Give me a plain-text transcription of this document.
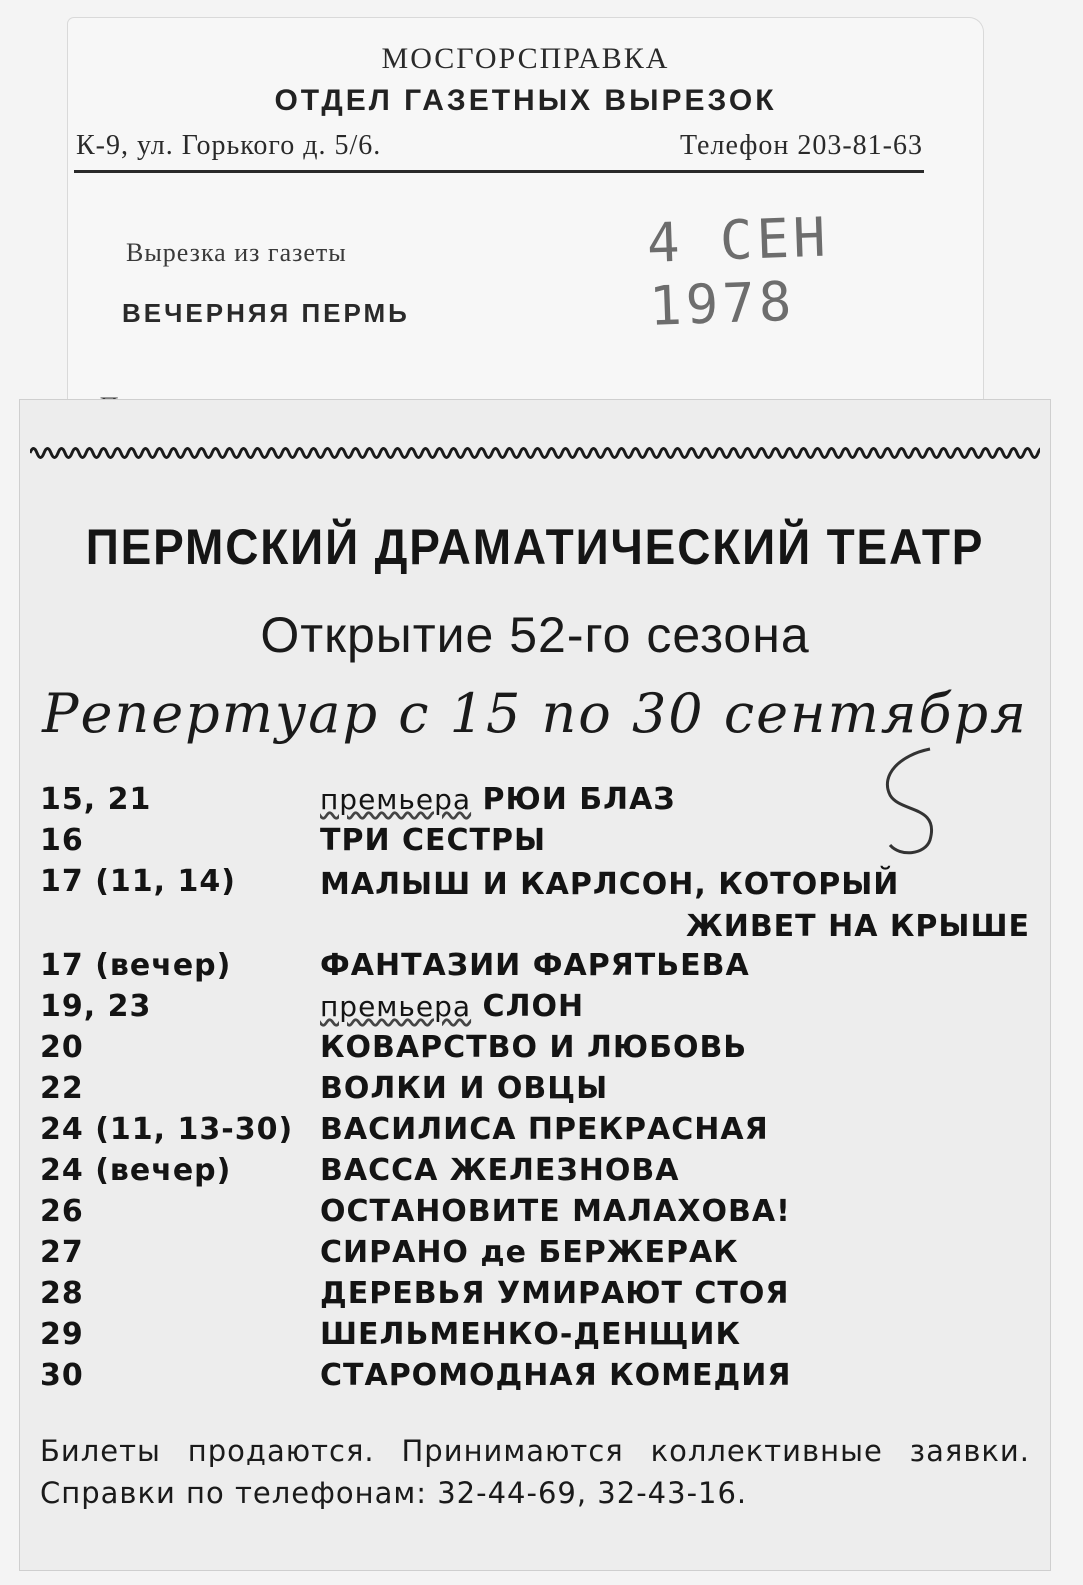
МОСГОРСПРАВКА
ОТДЕЛ ГАЗЕТНЫХ ВЫРЕЗОК
К-9, ул. Горького д. 5/6.	Телефон 203-81-63
Вырезка из газеты
ВЕЧЕРНЯЯ ПЕРМЬ
4 СЕН 1978
ПЕРМСКИЙ ДРАМАТИЧЕСКИЙ ТЕАТР
Открытие 52-го сезона
Репертуар с 15 по 30 сентября
15, 21	премьера РЮИ БЛАЗ
16	ТРИ СЕСТРЫ
17 (11, 14)	МАЛЫШ И КАРЛСОН, КОТОРЫЙ
ЖИВЕТ НА КРЫШЕ
17 (вечер)	ФАНТАЗИИ ФАРЯТЬЕВА
19, 23	премьера СЛОН
20	КОВАРСТВО И ЛЮБОВЬ
22	ВОЛКИ И ОВЦЫ
24 (11, 13-30) ВАСИЛИСА ПРЕКРАСНАЯ
24 (вечер)	ВАССА ЖЕЛЕЗНОВА
26	ОСТАНОВИТЕ МАЛАХОВА!
27	СИРАНО де БЕРЖЕРАК
28	ДЕРЕВЬЯ УМИРАЮТ СТОЯ
29	ШЕЛЬМЕНКО-ДЕНЩИК
30	СТАРОМОДНАЯ КОМЕДИЯ
Билеты продаются. Принимаются коллективные заявки. Справки по телефонам: 32-44-69, 32-43-16.
